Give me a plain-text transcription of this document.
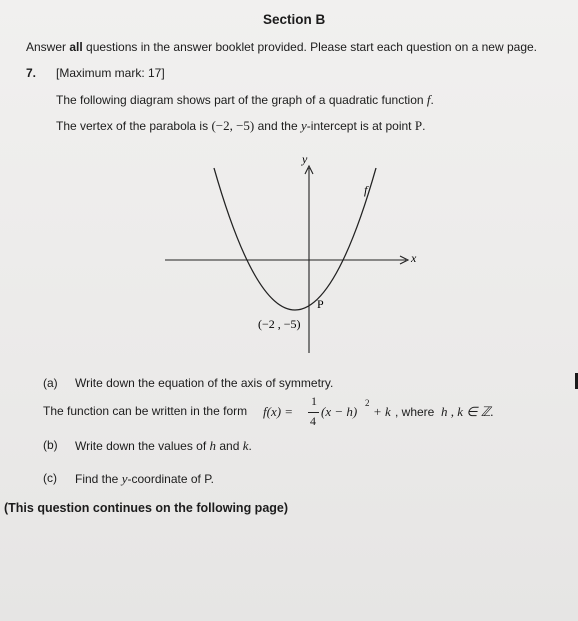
Section B
Answer all questions in the answer booklet provided. Please start each question on a new page.
7. [Maximum mark: 17]
The following diagram shows part of the graph of a quadratic function f.
The vertex of the parabola is (−2, −5) and the y-intercept is at point P.
y
x
f
P
(−2 , −5)
(a) Write down the equation of the axis of symmetry.
The function can be written in the form f(x) =
1
4
(x − h)
2
+ k , where h , k ∈ ℤ.
(b) Write down the values of h and k.
(c) Find the y-coordinate of P.
(This question continues on the following page)
